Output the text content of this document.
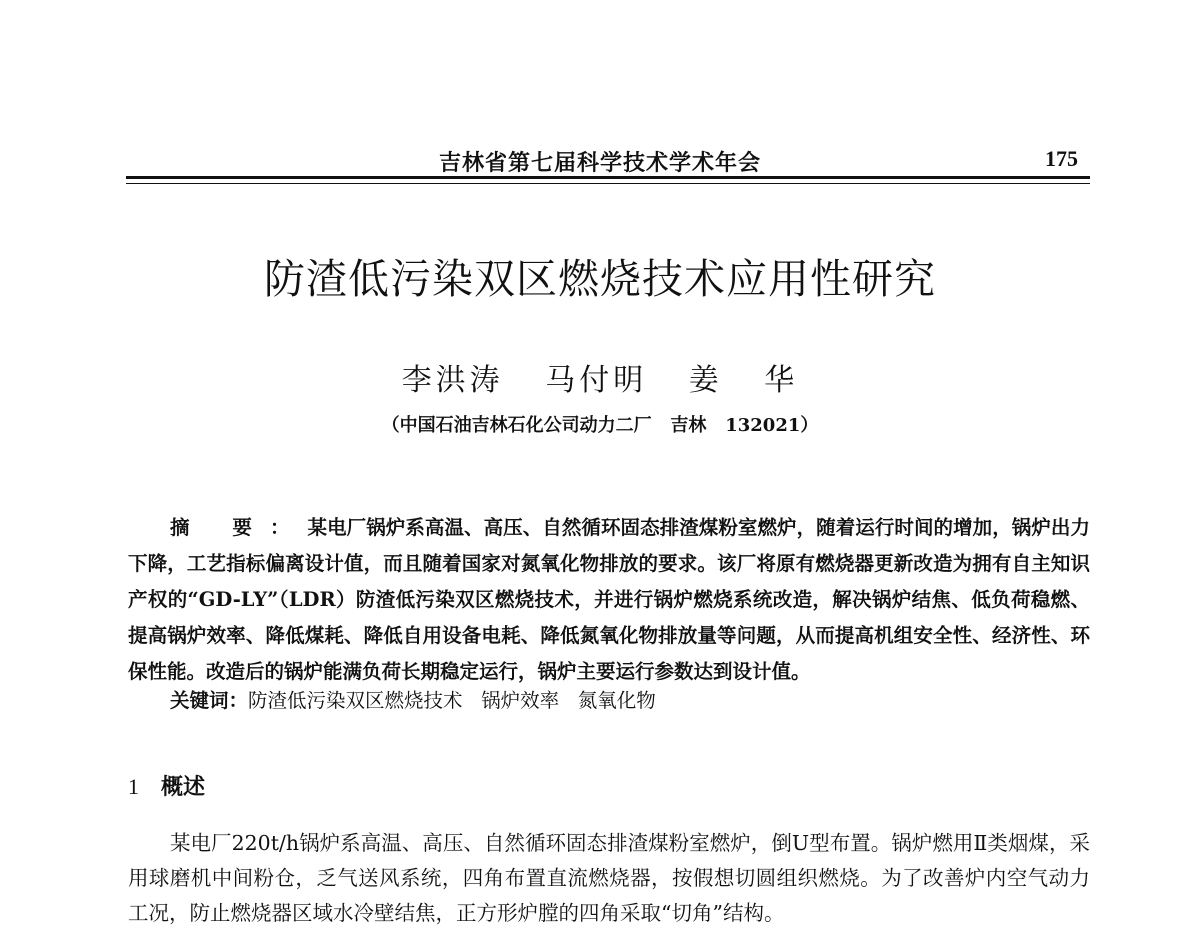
吉林省第七届科学技术学术年会	175
防渣低污染双区燃烧技术应用性研究
李洪涛 马付明 姜 华
（中国石油吉林石化公司动力二厂   吉林   132021）
摘 要：某电厂锅炉系高温、高压、自然循环固态排渣煤粉室燃炉，随着运行时间的增加，锅炉出力下降，工艺指标偏离设计值，而且随着国家对氮氧化物排放的要求。该厂将原有燃烧器更新改造为拥有自主知识产权的“GD-LY”（LDR）防渣低污染双区燃烧技术，并进行锅炉燃烧系统改造，解决锅炉结焦、低负荷稳燃、提高锅炉效率、降低煤耗、降低自用设备电耗、降低氮氧化物排放量等问题，从而提高机组安全性、经济性、环保性能。改造后的锅炉能满负荷长期稳定运行，锅炉主要运行参数达到设计值。
关键词：防渣低污染双区燃烧技术   锅炉效率   氮氧化物
1 概述
某电厂220t/h锅炉系高温、高压、自然循环固态排渣煤粉室燃炉，倒U型布置。锅炉燃用Ⅱ类烟煤，采用球磨机中间粉仓，乏气送风系统，四角布置直流燃烧器，按假想切圆组织燃烧。为了改善炉内空气动力工况，防止燃烧器区域水冷壁结焦，正方形炉膛的四角采取“切角”结构。
